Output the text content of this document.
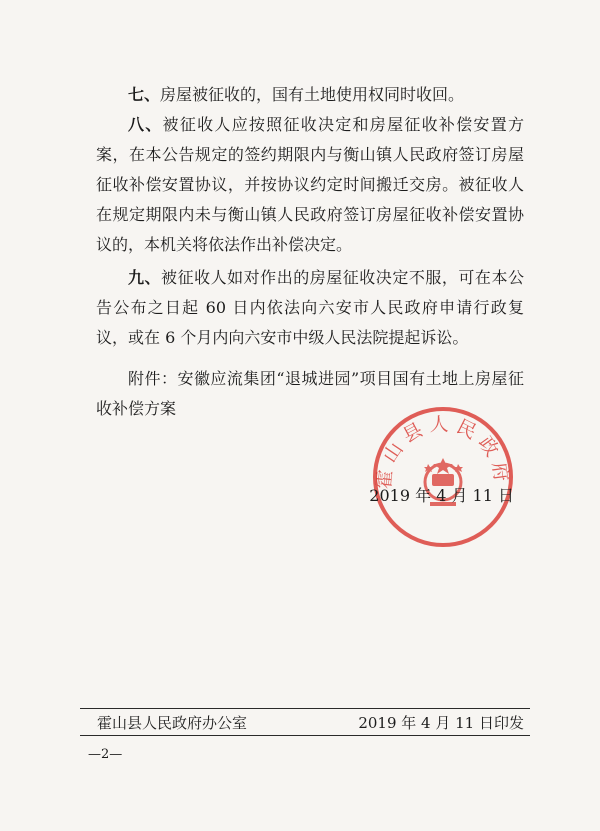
七、房屋被征收的，国有土地使用权同时收回。

八、被征收人应按照征收决定和房屋征收补偿安置方案，在本公告规定的签约期限内与衡山镇人民政府签订房屋征收补偿安置协议，并按协议约定时间搬迁交房。被征收人在规定期限内未与衡山镇人民政府签订房屋征收补偿安置协议的，本机关将依法作出补偿决定。

九、被征收人如对作出的房屋征收决定不服，可在本公告公布之日起 60 日内依法向六安市人民政府申请行政复议，或在 6 个月内向六安市中级人民法院提起诉讼。

附件：安徽应流集团“退城进园”项目国有土地上房屋征收补偿方案

霍山县人民政府
2019 年 4 月 11 日
霍山县人民政府办公室	2019 年 4 月 11 日印发
—2—
